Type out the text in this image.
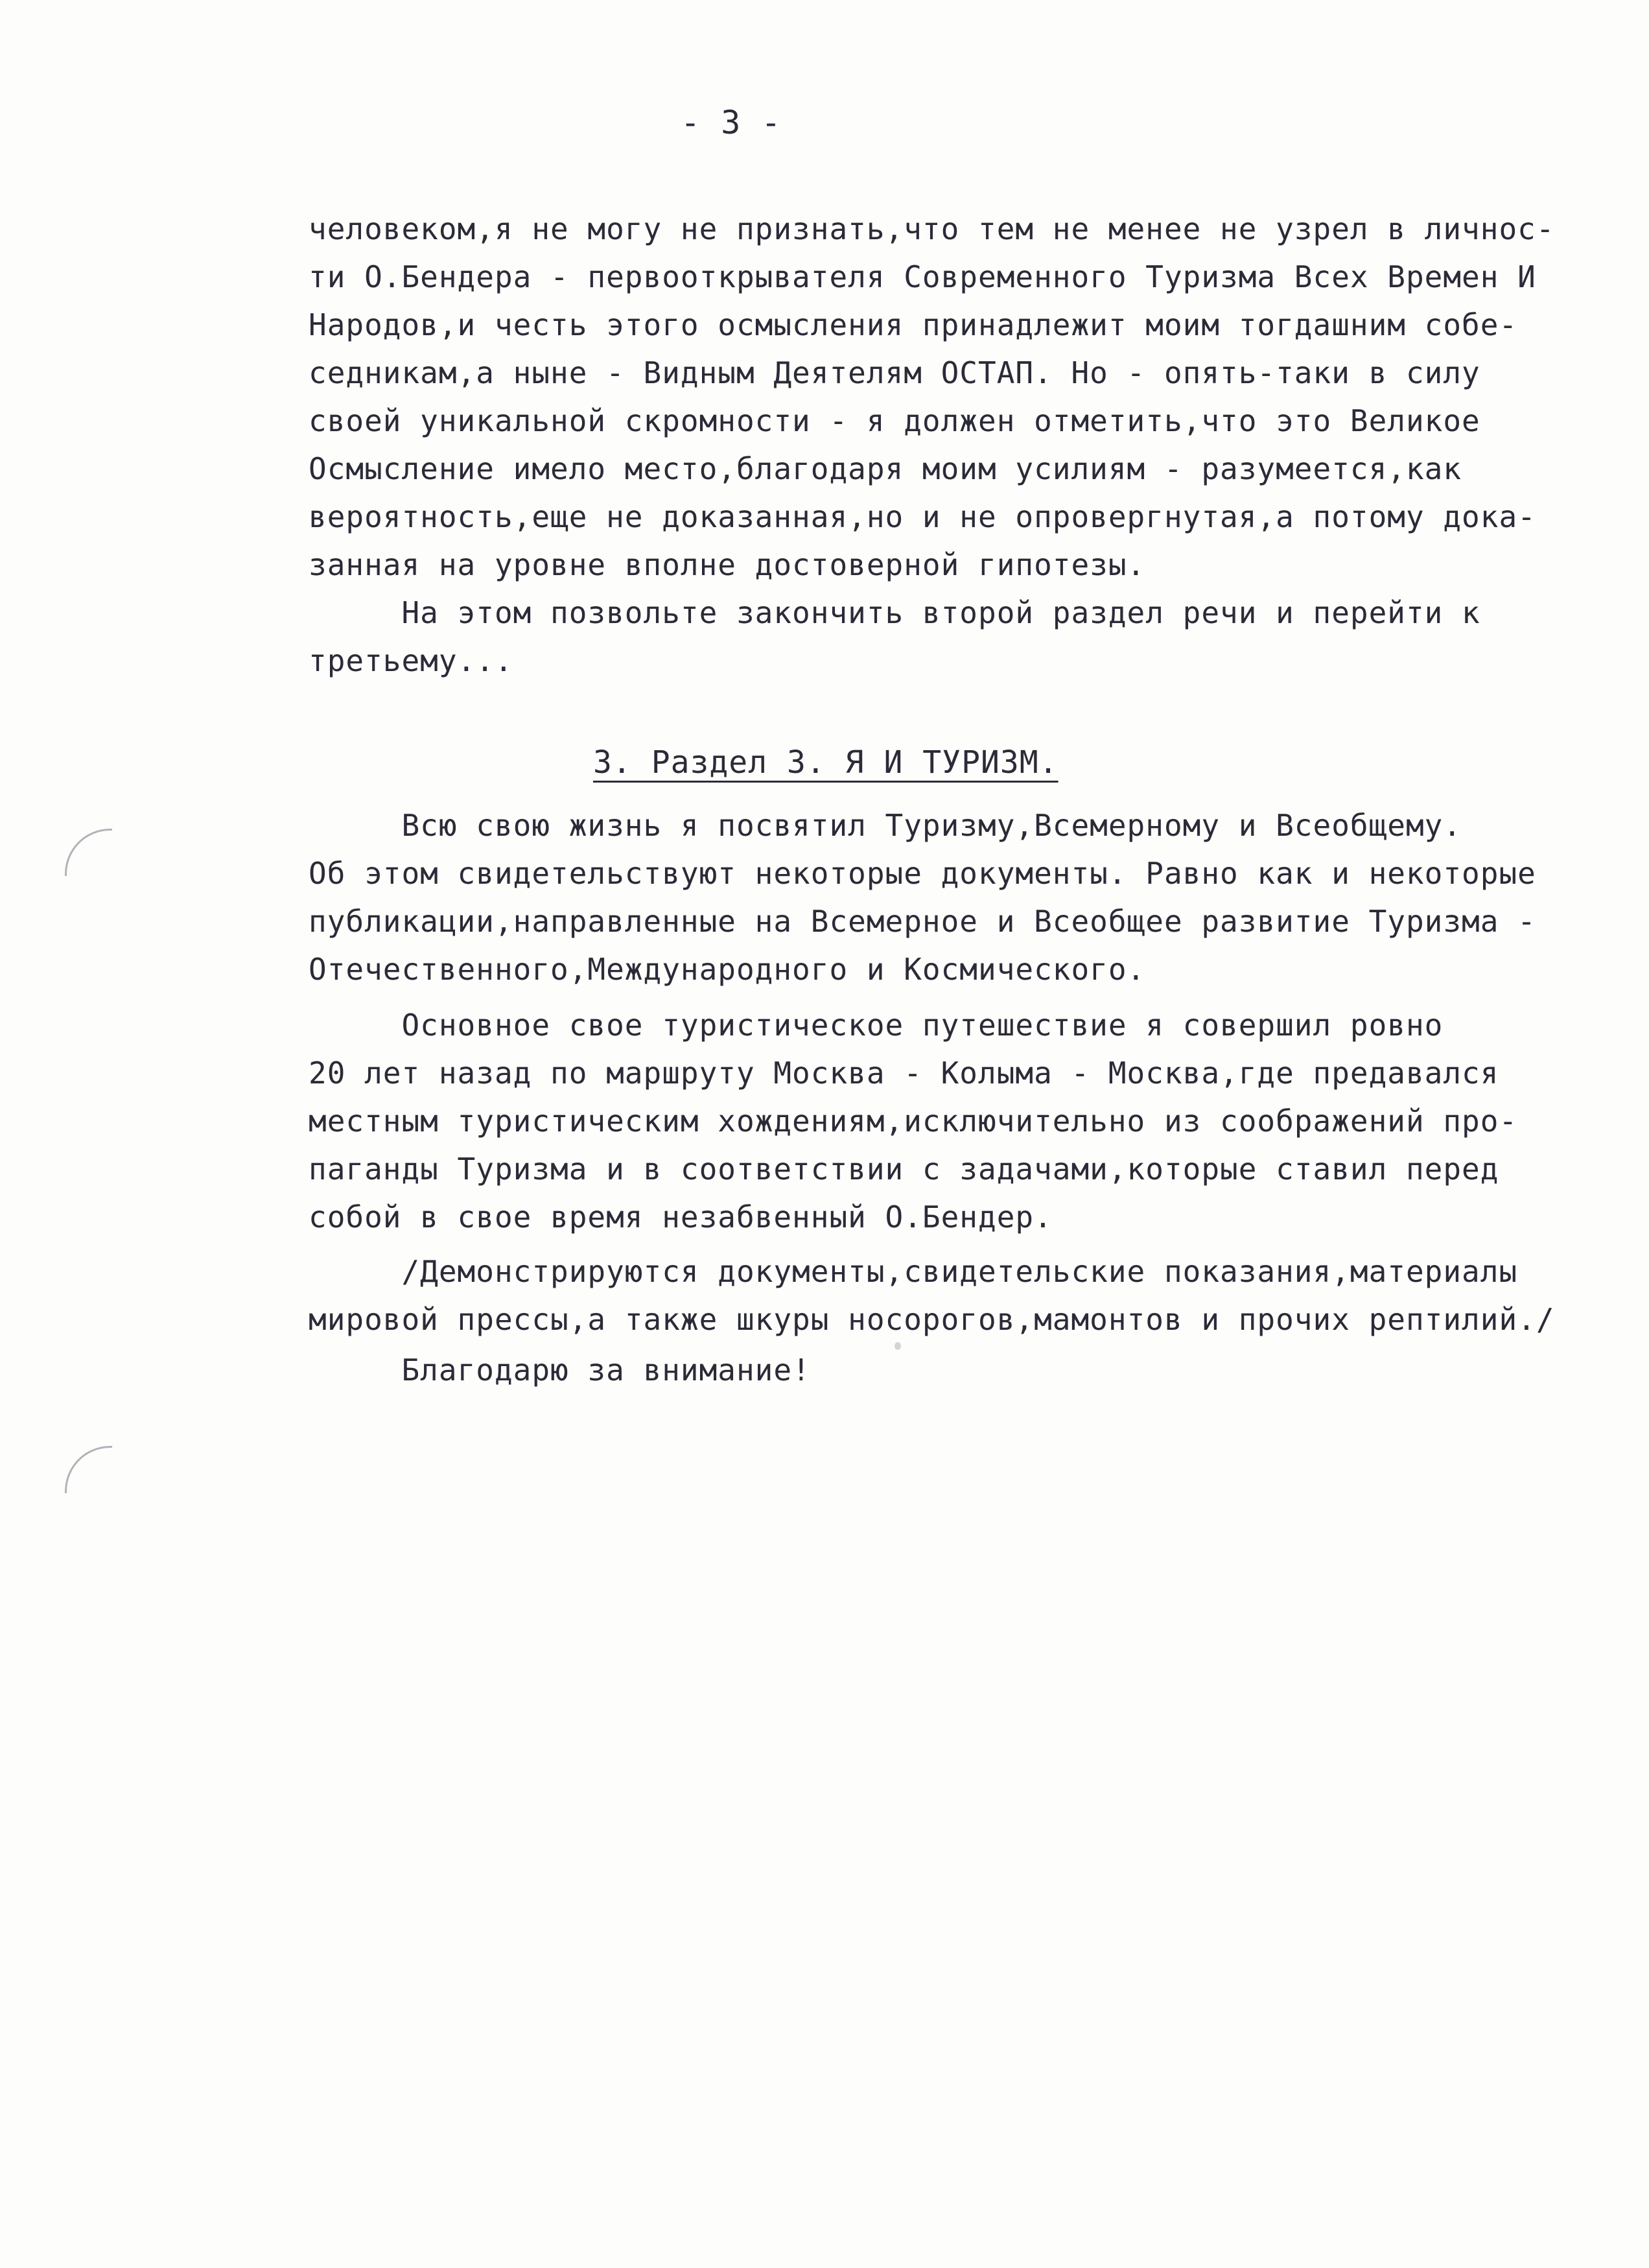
- 3 -
человеком,я не могу не признать,что тем не менее не узрел в личнос-
ти О.Бендера - первооткрывателя Современного Туризма Всех Времен И
Народов,и честь этого осмысления принадлежит моим тогдашним собе-
седникам,а ныне - Видным Деятелям ОСТАП. Но - опять-таки в силу
своей уникальной скромности - я должен отметить,что это Великое
Осмысление имело место,благодаря моим усилиям - разумеется,как
вероятность,еще не доказанная,но и не опровергнутая,а потому дока-
занная на уровне вполне достоверной гипотезы.
На этом позвольте закончить второй раздел речи и перейти к
третьему...
3. Раздел 3. Я И ТУРИЗМ.
Всю свою жизнь я посвятил Туризму,Всемерному и Всеобщему.
Об этом свидетельствуют некоторые документы. Равно как и некоторые
публикации,направленные на Всемерное и Всеобщее развитие Туризма -
Отечественного,Международного и Космического.
Основное свое туристическое путешествие я совершил ровно
20 лет назад по маршруту Москва - Колыма - Москва,где предавался
местным туристическим хождениям,исключительно из соображений про-
паганды Туризма и в соответствии с задачами,которые ставил перед
собой в свое время незабвенный О.Бендер.
/Демонстрируются документы,свидетельские показания,материалы
мировой прессы,а также шкуры носорогов,мамонтов и прочих рептилий./
Благодарю за внимание!
